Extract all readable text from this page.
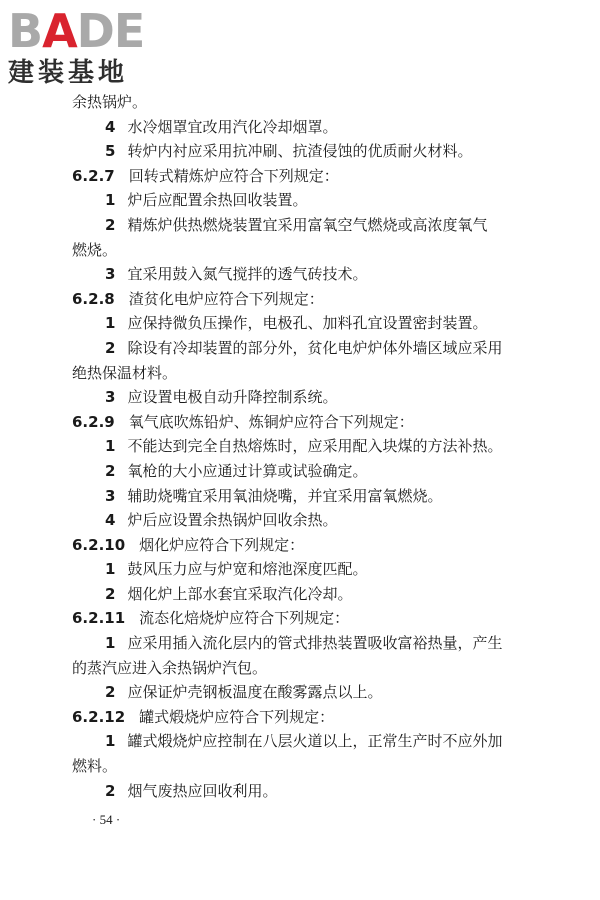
BADE
建装基地
余热锅炉。
4 水冷烟罩宜改用汽化冷却烟罩。
5 转炉内衬应采用抗冲刷、抗渣侵蚀的优质耐火材料。
6.2.7 回转式精炼炉应符合下列规定：
1 炉后应配置余热回收装置。
2 精炼炉供热燃烧装置宜采用富氧空气燃烧或高浓度氧气
燃烧。
3 宜采用鼓入氮气搅拌的透气砖技术。
6.2.8 渣贫化电炉应符合下列规定：
1 应保持微负压操作，电极孔、加料孔宜设置密封装置。
2 除设有冷却装置的部分外，贫化电炉炉体外墙区域应采用
绝热保温材料。
3 应设置电极自动升降控制系统。
6.2.9 氧气底吹炼铅炉、炼铜炉应符合下列规定：
1 不能达到完全自热熔炼时，应采用配入块煤的方法补热。
2 氧枪的大小应通过计算或试验确定。
3 辅助烧嘴宜采用氧油烧嘴，并宜采用富氧燃烧。
4 炉后应设置余热锅炉回收余热。
6.2.10 烟化炉应符合下列规定：
1 鼓风压力应与炉宽和熔池深度匹配。
2 烟化炉上部水套宜采取汽化冷却。
6.2.11 流态化焙烧炉应符合下列规定：
1 应采用插入流化层内的管式排热装置吸收富裕热量，产生
的蒸汽应进入余热锅炉汽包。
2 应保证炉壳钢板温度在酸雾露点以上。
6.2.12 罐式煅烧炉应符合下列规定：
1 罐式煅烧炉应控制在八层火道以上，正常生产时不应外加
燃料。
2 烟气废热应回收利用。
· 54 ·
